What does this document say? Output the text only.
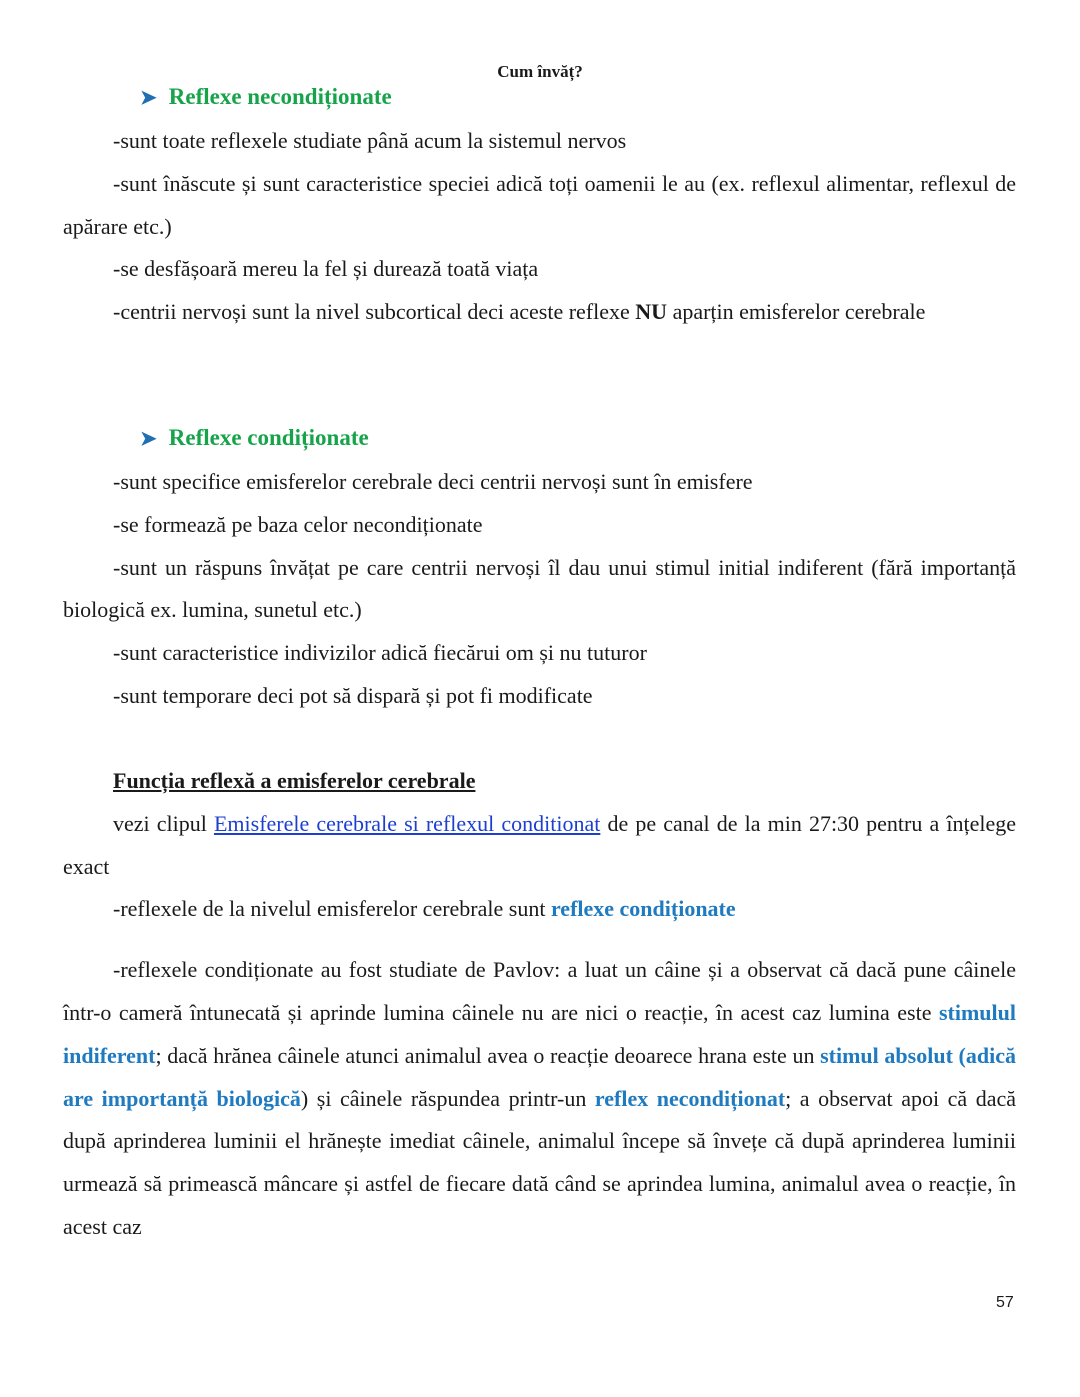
Cum învăț?
➤ Reflexe necondiționate

-sunt toate reflexele studiate până acum la sistemul nervos

-sunt înăscute și sunt caracteristice speciei adică toți oamenii le au (ex. reflexul alimentar, reflexul de apărare etc.)

-se desfășoară mereu la fel și durează toată viața

-centrii nervoși sunt la nivel subcortical deci aceste reflexe NU aparțin emisferelor cerebrale

➤ Reflexe condiționate

-sunt specifice emisferelor cerebrale deci centrii nervoși sunt în emisfere

-se formează pe baza celor necondiționate

-sunt un răspuns învățat pe care centrii nervoși îl dau unui stimul initial indiferent (fără importanță biologică ex. lumina, sunetul etc.)

-sunt caracteristice indivizilor adică fiecărui om și nu tuturor

-sunt temporare deci pot să dispară și pot fi modificate

Funcția reflexă a emisferelor cerebrale

vezi clipul Emisferele cerebrale si reflexul conditionat de pe canal de la min 27:30 pentru a înțelege exact

-reflexele de la nivelul emisferelor cerebrale sunt reflexe condiționate

-reflexele condiționate au fost studiate de Pavlov: a luat un câine și a observat că dacă pune câinele într-o cameră întunecată și aprinde lumina câinele nu are nici o reacție, în acest caz lumina este stimulul indiferent; dacă hrănea câinele atunci animalul avea o reacție deoarece hrana este un stimul absolut (adică are importanță biologică) și câinele răspundea printr-un reflex necondiționat; a observat apoi că dacă după aprinderea luminii el hrănește imediat câinele, animalul începe să învețe că după aprinderea luminii urmează să primească mâncare și astfel de fiecare dată când se aprindea lumina, animalul avea o reacție, în acest caz

57
